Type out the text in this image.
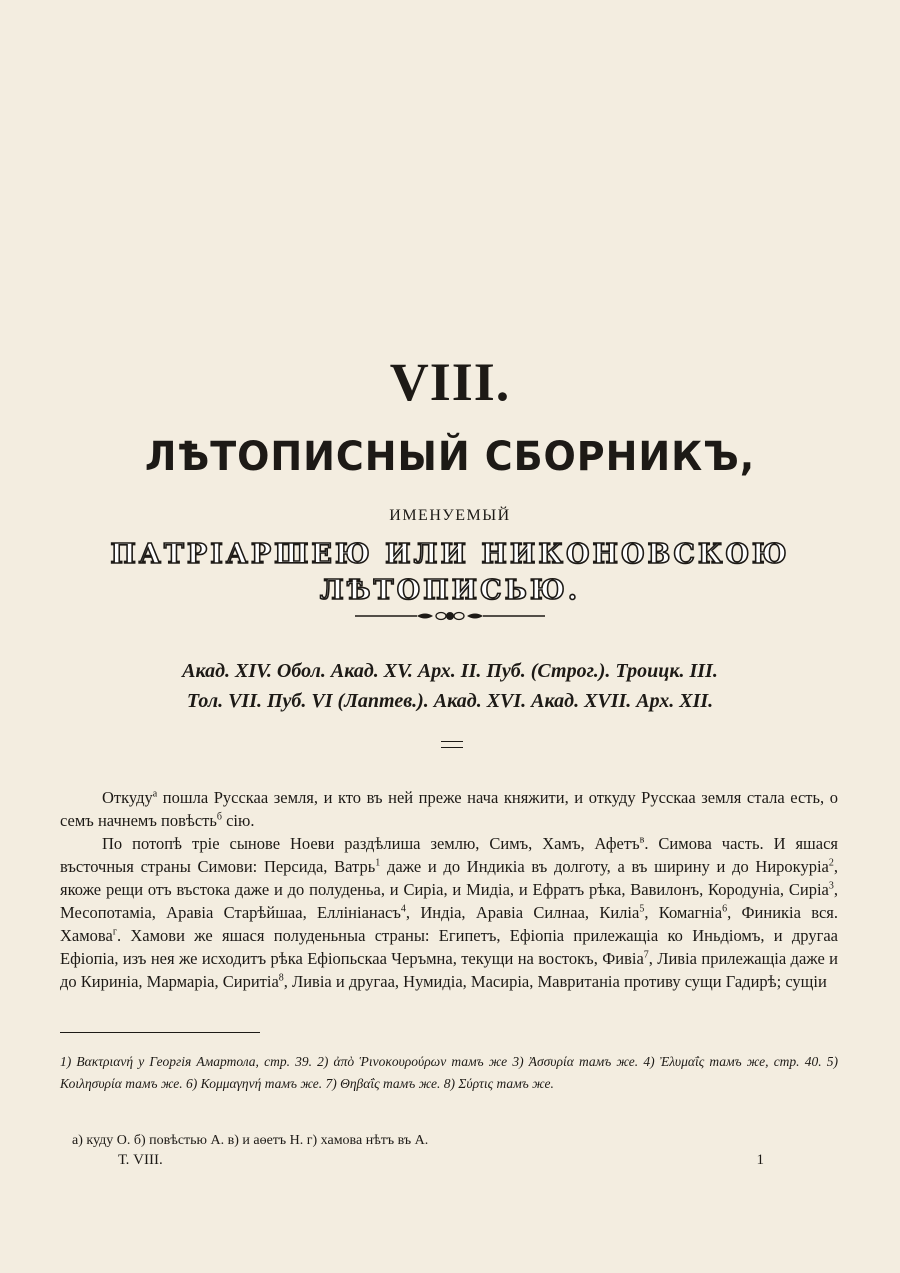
VIII.
ЛѢТОПИСНЫЙ СБОРНИКЪ,
ИМЕНУЕМЫЙ
ПАТРІАРШЕЮ ИЛИ НИКОНОВСКОЮ ЛѢТОПИСЬЮ.
Акад. XIV. Обол. Акад. XV. Арх. II. Пуб. (Строг.). Троицк. III.
Тол. VII. Пуб. VI (Лаптев.). Акад. XVI. Акад. XVII. Арх. XII.

Откуду$^а$ пошла Русскаа земля, и кто въ ней преже нача княжити, и откуду Русскаа земля стала есть, о семъ начнемъ повѣсть$^б$ сію.

По потопѣ тріе сынове Ноеви раздѣлиша землю, Симъ, Хамъ, Афетъ$^в$. Симова часть. И яшася въсточныя страны Симови: Персида, Ватрь$^1$ даже и до Индикіа въ долготу, а въ ширину и до Нирокуріа$^2$, якоже рещи отъ въстока даже и до полуденьа, и Сиріа, и Мидіа, и Ефратъ рѣка, Вавилонъ, Кородуніа, Сиріа$^3$, Месопотаміа, Аравіа Старѣйшаа, Еллініанасъ$^4$, Индіа, Аравіа Силнаа, Киліа$^5$, Комагніа$^6$, Финикіа вся. Хамова$^г$. Хамови же яшася полуденьныа страны: Египетъ, Ефіопіа прилежащіа ко Иньдіомъ, и другаа Ефіопіа, изъ нея же исходитъ рѣка Ефіопьскаа Черъмна, текущи на востокъ, Фивіа$^7$, Ливіа прилежащіа даже и до Кириніа, Мармаріа, Сиритіа$^8$, Ливіа и другаа, Нумидіа, Масиріа, Мавританіа противу сущи Гадирѣ; сущіи

1) Βακτριανή у Георгія Амартола, стр. 39. 2) ἀπὸ Ῥινοκουρούρων тамъ же 3) Ἀσσυρία тамъ же. 4) Ἐλυμαΐς тамъ же, стр. 40. 5) Κοιλησυρία тамъ же. 6) Κομμαγηνή тамъ же. 7) Θηβαΐς тамъ же. 8) Σύρτις тамъ же.
а) куду О. б) повѣстью А. в) и аѳетъ Н. г) хамова нѣтъ въ А.
Т. VIII.	1
